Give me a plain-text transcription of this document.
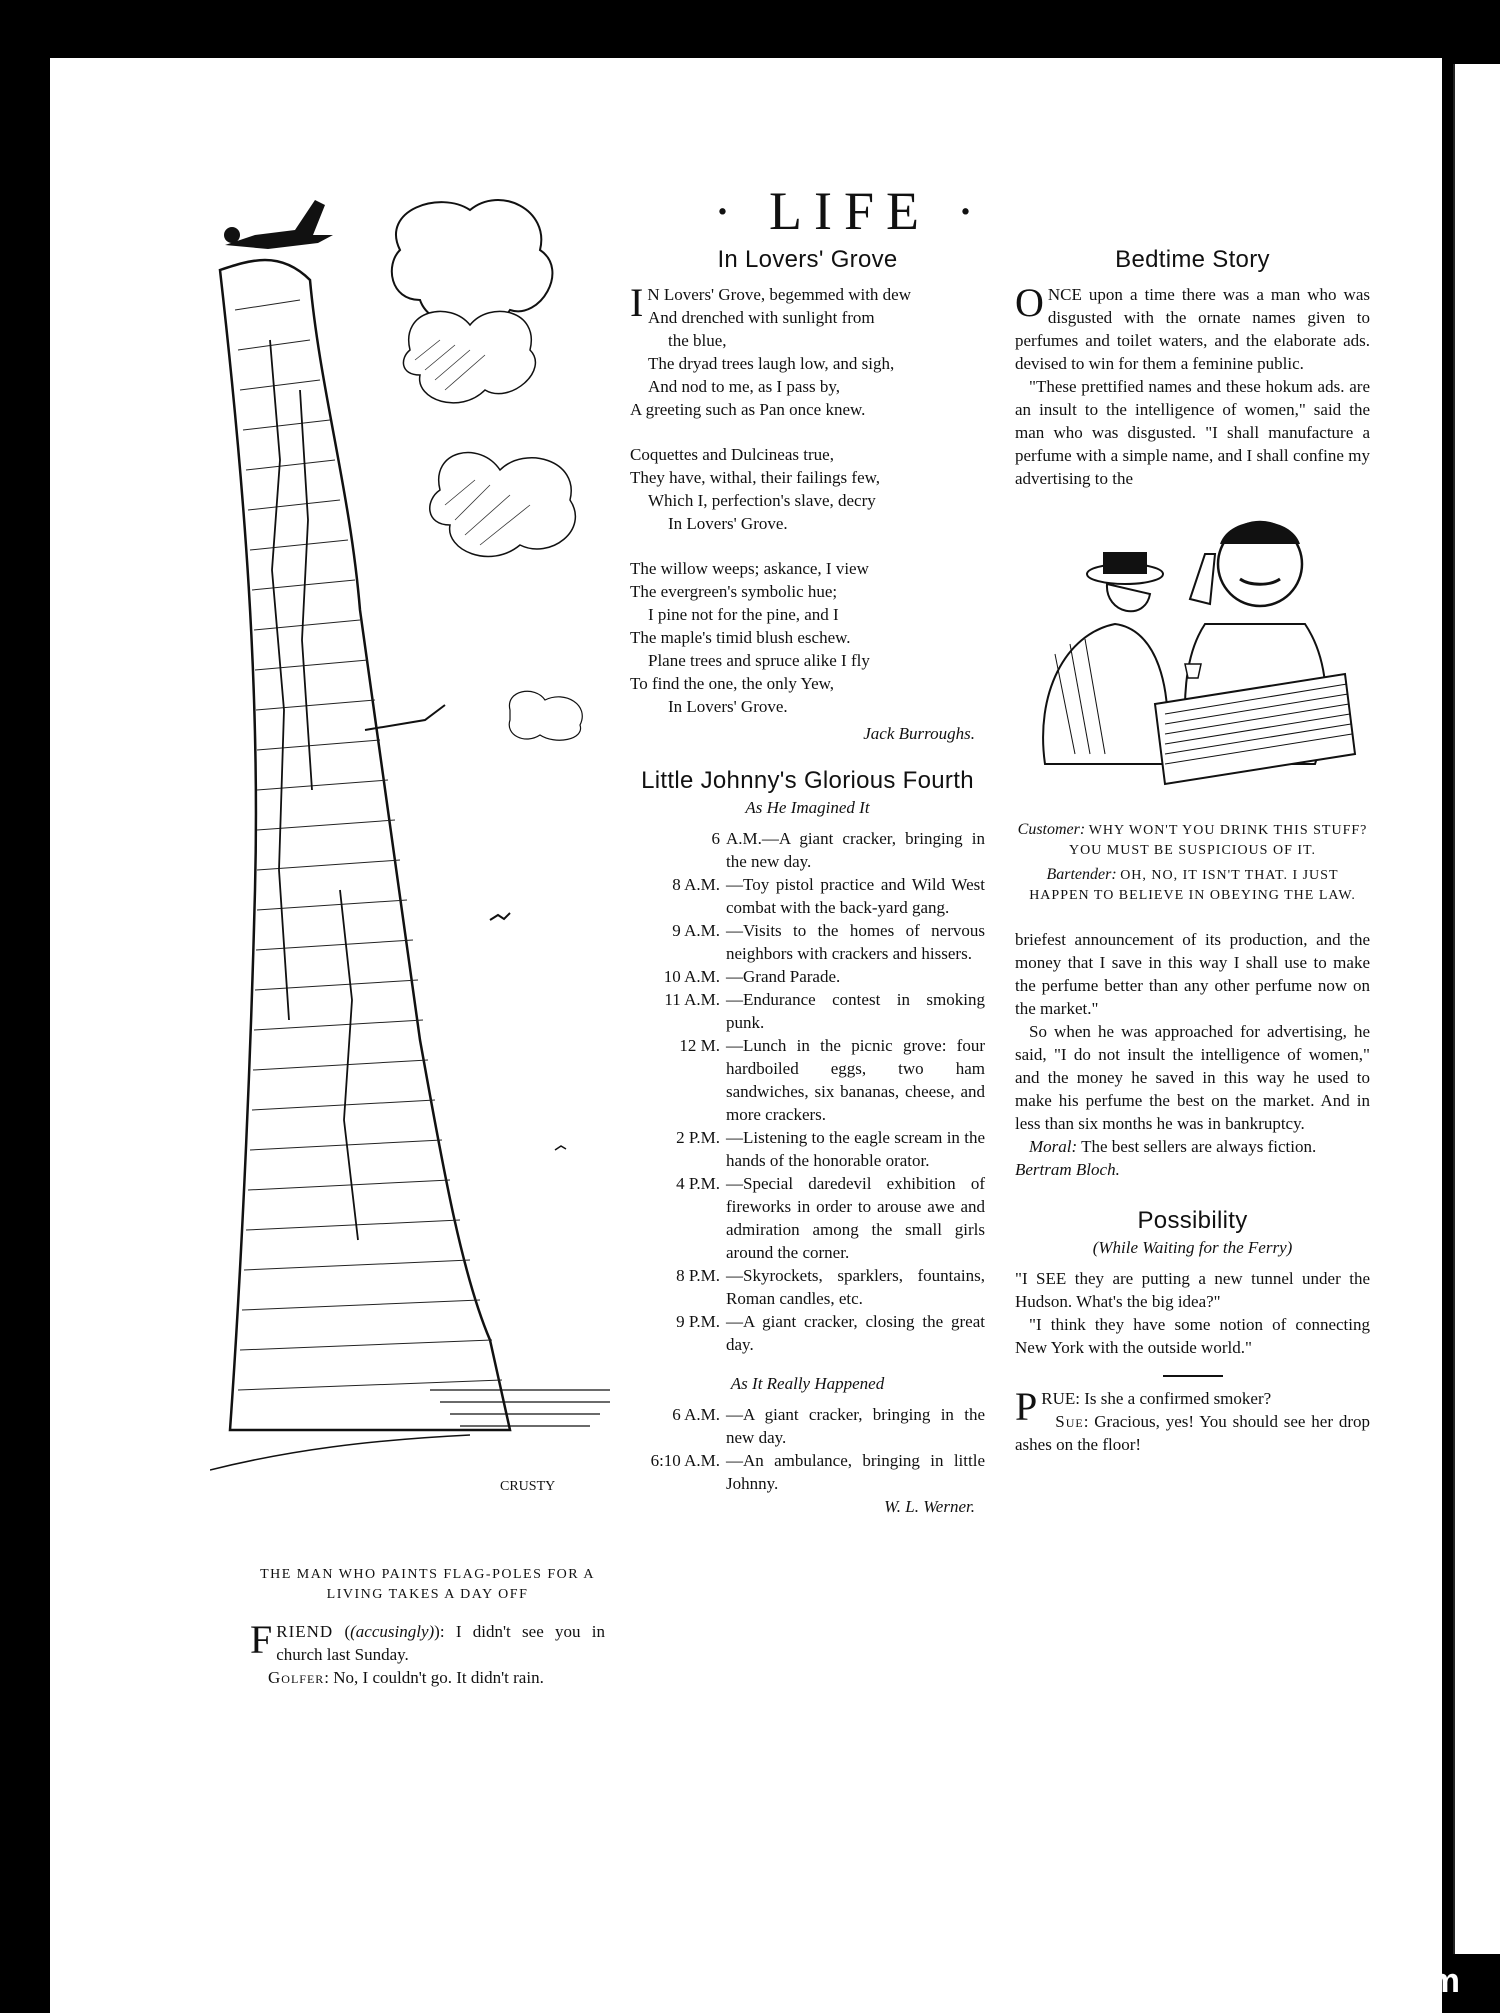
· LIFE ·
CRUSTY
THE MAN WHO PAINTS FLAG-POLES FOR A
LIVING TAKES A DAY OFF

FRIEND ((accusingly)): I didn't see you in church last Sunday.

Golfer: No, I couldn't go. It didn't rain.

In Lovers' Grove

I N Lovers' Grove, begemmed with dew

And drenched with sunlight from

the blue,

The dryad trees laugh low, and sigh,

And nod to me, as I pass by,

A greeting such as Pan once knew.

Coquettes and Dulcineas true,

They have, withal, their failings few,

Which I, perfection's slave, decry

In Lovers' Grove.

The willow weeps; askance, I view

The evergreen's symbolic hue;

I pine not for the pine, and I

The maple's timid blush eschew.

Plane trees and spruce alike I fly

To find the one, the only Yew,

In Lovers' Grove.

Jack Burroughs.

Little Johnny's Glorious Fourth
As He Imagined It
6 A.M.—A giant cracker, bringing in the new day.
8 A.M. —Toy pistol practice and Wild West combat with the back-yard gang.
9 A.M. —Visits to the homes of nervous neighbors with crackers and hissers.
10 A.M. —Grand Parade.
11 A.M. —Endurance contest in smoking punk.
12 M. —Lunch in the picnic grove: four hardboiled eggs, two ham sandwiches, six bananas, cheese, and more crackers.
2 P.M. —Listening to the eagle scream in the hands of the honorable orator.
4 P.M. —Special daredevil exhibition of fireworks in order to arouse awe and admiration among the small girls around the corner.
8 P.M. —Skyrockets, sparklers, fountains, Roman candles, etc.
9 P.M. —A giant cracker, closing the great day.
As It Really Happened
6 A.M. —A giant cracker, bringing in the new day.
6:10 A.M. —An ambulance, bringing in little Johnny.

W. L. Werner.

Bedtime Story

ONCE upon a time there was a man who was disgusted with the ornate names given to perfumes and toilet waters, and the elaborate ads. devised to win for them a feminine public.

"These prettified names and these hokum ads. are an insult to the intelligence of women," said the man who was disgusted. "I shall manufacture a perfume with a simple name, and I shall confine my advertising to the

Customer: WHY WON'T YOU DRINK THIS STUFF? YOU MUST BE SUSPICIOUS OF IT.
Bartender: OH, NO, IT ISN'T THAT. I JUST HAPPEN TO BELIEVE IN OBEYING THE LAW.

briefest announcement of its production, and the money that I save in this way I shall use to make the perfume better than any other perfume now on the market."

So when he was approached for advertising, he said, "I do not insult the intelligence of women," and the money he saved in this way he used to make his perfume the best on the market. And in less than six months he was in bankruptcy.

Moral: The best sellers are always fiction.

Bertram Bloch.

Possibility
(While Waiting for the Ferry)

"I SEE they are putting a new tunnel under the Hudson. What's the big idea?"

"I think they have some notion of connecting New York with the outside world."

PRUE: Is she a confirmed smoker?

Sue: Gracious, yes! You should see her drop ashes on the floor!

comicbooks.com
